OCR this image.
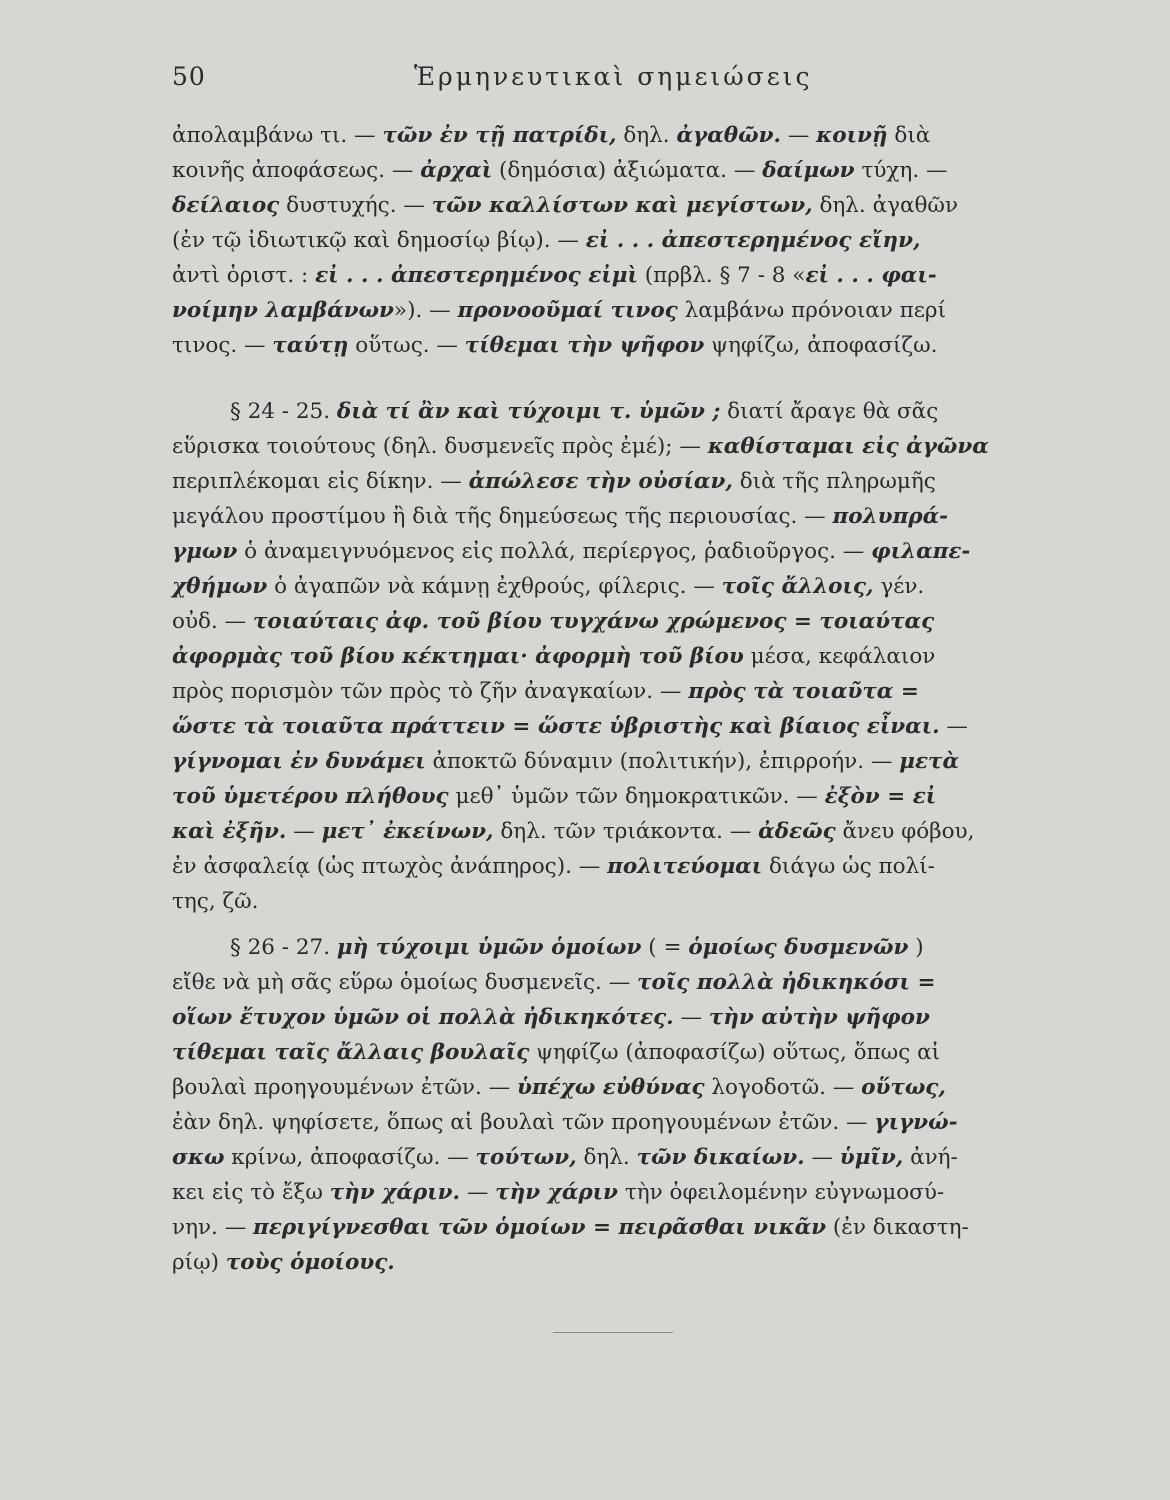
50	Ἑρμηνευτικαὶ σημειώσεις
ἀπολαμβάνω τι. — τῶν ἐν τῇ πατρίδι, δηλ. ἀγαθῶν. — κοινῇ διὰ
κοινῆς ἀποφάσεως. — ἀρχαὶ (δημόσια) ἀξιώματα. — δαίμων τύχη. —
δείλαιος δυστυχής. — τῶν καλλίστων καὶ μεγίστων, δηλ. ἀγαθῶν
(ἐν τῷ ἰδιωτικῷ καὶ δημοσίῳ βίῳ). — εἰ . . . ἀπεστερημένος εἴην,
ἀντὶ ὁριστ. : εἰ . . . ἀπεστερημένος εἰμὶ (πρβλ. § 7 - 8 «εἰ . . . φαι-
νοίμην λαμβάνων»). — προνοοῦμαί τινος λαμβάνω πρόνοιαν περί
τινος. — ταύτῃ οὕτως. — τίθεμαι τὴν ψῆφον ψηφίζω, ἀποφασίζω.
§ 24 - 25. διὰ τί ἂν καὶ τύχοιμι τ. ὑμῶν ; διατί ἄραγε θὰ σᾶς
εὕρισκα τοιούτους (δηλ. δυσμενεῖς πρὸς ἐμέ); — καθίσταμαι εἰς ἀγῶνα
περιπλέκομαι εἰς δίκην. — ἀπώλεσε τὴν οὐσίαν, διὰ τῆς πληρωμῆς
μεγάλου προστίμου ἢ διὰ τῆς δημεύσεως τῆς περιουσίας. — πολυπρά-
γμων ὁ ἀναμειγνυόμενος εἰς πολλά, περίεργος, ῥαδιοῦργος. — φιλαπε-
χθήμων ὁ ἀγαπῶν νὰ κάμνῃ ἐχθρούς, φίλερις. — τοῖς ἄλλοις, γέν.
οὐδ. — τοιαύταις ἀφ. τοῦ βίου τυγχάνω χρώμενος = τοιαύτας
ἀφορμὰς τοῦ βίου κέκτημαι· ἀφορμὴ τοῦ βίου μέσα, κεφάλαιον
πρὸς πορισμὸν τῶν πρὸς τὸ ζῆν ἀναγκαίων. — πρὸς τὰ τοιαῦτα =
ὥστε τὰ τοιαῦτα πράττειν = ὥστε ὑβριστὴς καὶ βίαιος εἶναι. —
γίγνομαι ἐν δυνάμει ἀποκτῶ δύναμιν (πολιτικήν), ἐπιρροήν. — μετὰ
τοῦ ὑμετέρου πλήθους μεθ᾿ ὑμῶν τῶν δημοκρατικῶν. — ἐξὸν = εἰ
καὶ ἐξῆν. — μετ᾿ ἐκείνων, δηλ. τῶν τριάκοντα. — ἀδεῶς ἄνευ φόβου,
ἐν ἀσφαλείᾳ (ὡς πτωχὸς ἀνάπηρος). — πολιτεύομαι διάγω ὡς πολί-
της, ζῶ.
§ 26 - 27. μὴ τύχοιμι ὑμῶν ὁμοίων ( = ὁμοίως δυσμενῶν )
εἴθε νὰ μὴ σᾶς εὕρω ὁμοίως δυσμενεῖς. — τοῖς πολλὰ ἠδικηκόσι =
οἵων ἔτυχον ὑμῶν οἱ πολλὰ ἠδικηκότες. — τὴν αὐτὴν ψῆφον
τίθεμαι ταῖς ἄλλαις βουλαῖς ψηφίζω (ἀποφασίζω) οὕτως, ὅπως αἱ
βουλαὶ προηγουμένων ἐτῶν. — ὑπέχω εὐθύνας λογοδοτῶ. — οὕτως,
ἐὰν δηλ. ψηφίσετε, ὅπως αἱ βουλαὶ τῶν προηγουμένων ἐτῶν. — γιγνώ-
σκω κρίνω, ἀποφασίζω. — τούτων, δηλ. τῶν δικαίων. — ὑμῖν, ἀνή-
κει εἰς τὸ ἔξω τὴν χάριν. — τὴν χάριν τὴν ὀφειλομένην εὐγνωμοσύ-
νην. — περιγίγνεσθαι τῶν ὁμοίων = πειρᾶσθαι νικᾶν (ἐν δικαστη-
ρίῳ) τοὺς ὁμοίους.
